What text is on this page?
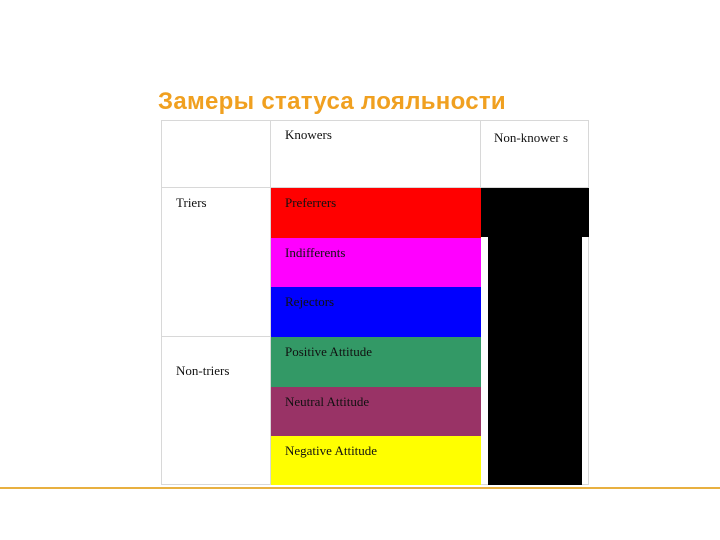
Замеры статуса лояльности
Knowers	Non-knower s
Triers
Non-triers
Preferrers
Indifferents
Rejectors
Positive Attitude
Neutral Attitude
Negative Attitude
